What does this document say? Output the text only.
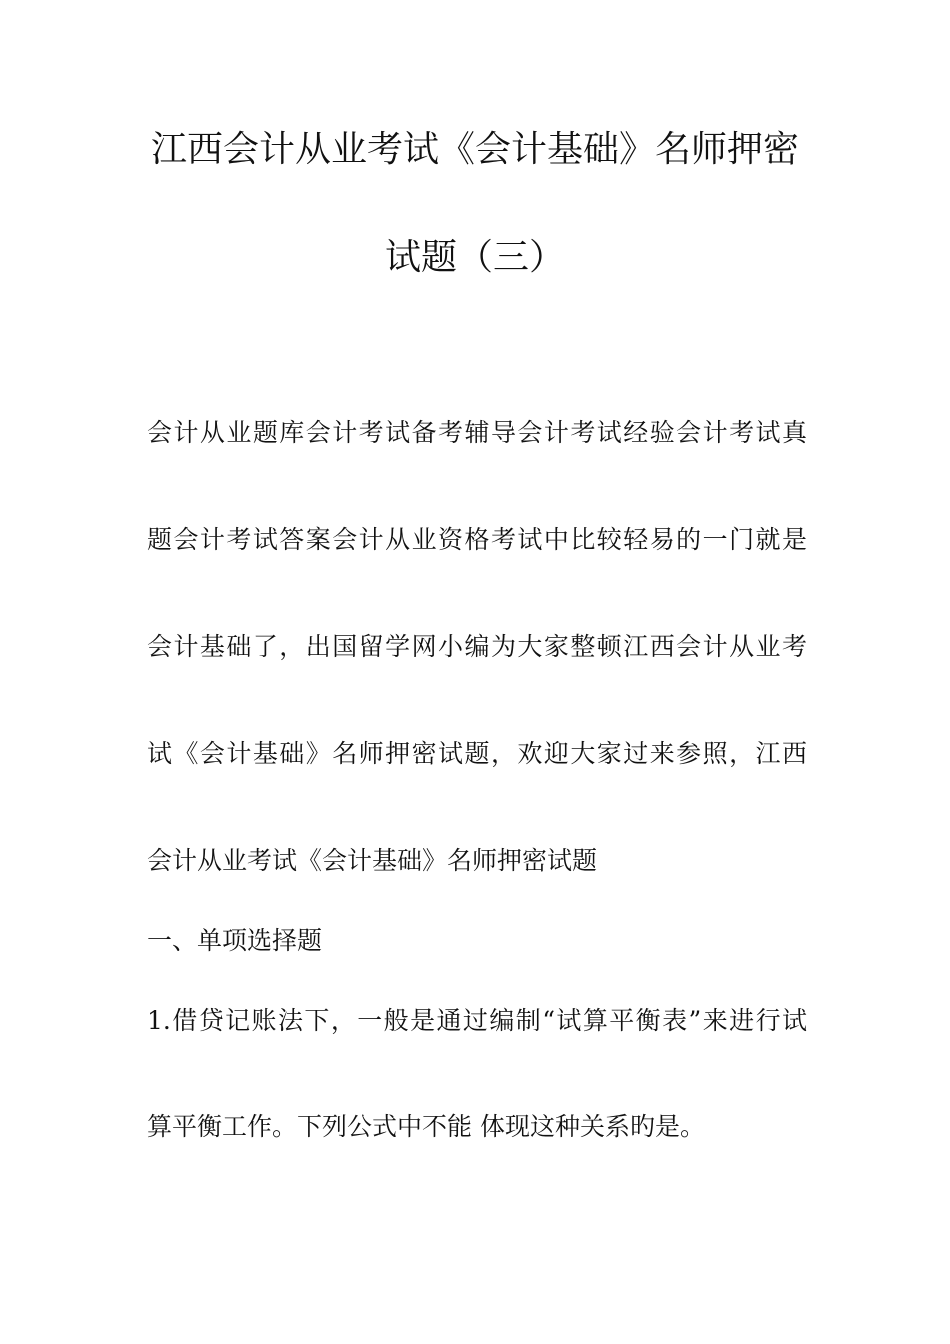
江西会计从业考试《会计基础》名师押密
试题（三）
会计从业题库会计考试备考辅导会计考试经验会计考试真
题会计考试答案会计从业资格考试中比较轻易的一门就是
会计基础了，出国留学网小编为大家整顿江西会计从业考
试《会计基础》名师押密试题，欢迎大家过来参照，江西
会计从业考试《会计基础》名师押密试题
一、单项选择题
1.借贷记账法下，一般是通过编制“试算平衡表”来进行试
算平衡工作。下列公式中不能 体现这种关系旳是。
